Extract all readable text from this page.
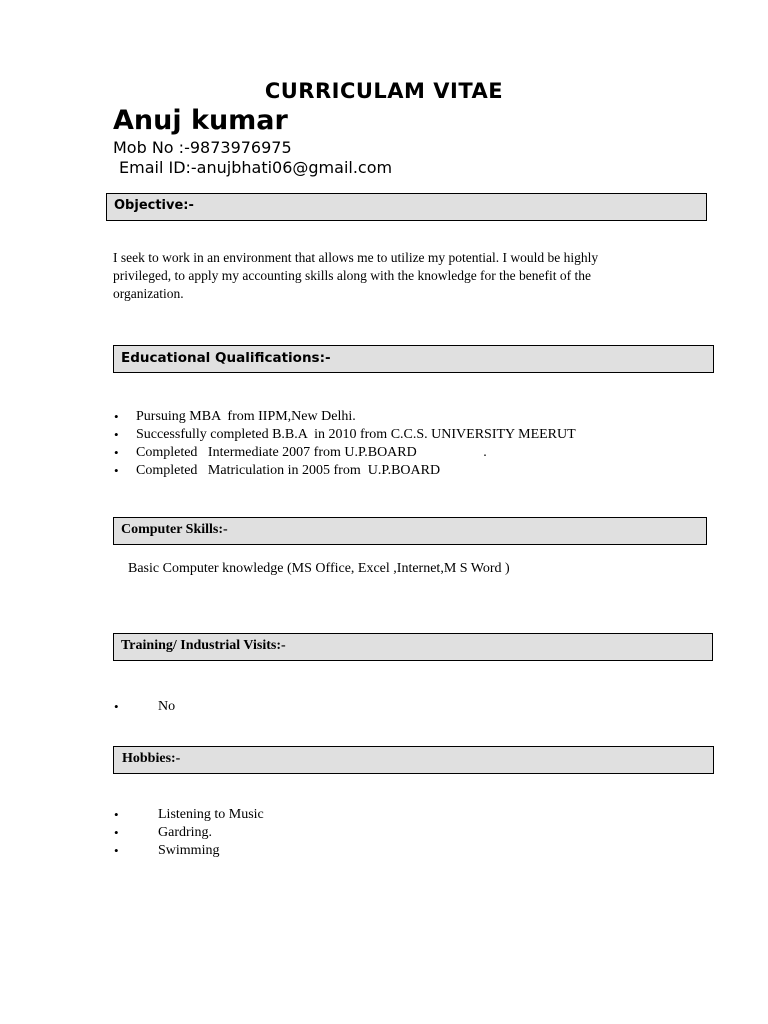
CURRICULAM VITAE
Anuj kumar
Mob No :-9873976975
Email ID:-anujbhati06@gmail.com
Objective:-
I seek to work in an environment that allows me to utilize my potential. I would be highly
privileged, to apply my accounting skills along with the knowledge for the benefit of the
organization.
Educational Qualifications:-
• Pursuing MBA  from IIPM,New Delhi.
• Successfully completed B.B.A  in 2010 from C.C.S. UNIVERSITY MEERUT
• Completed   Intermediate 2007 from U.P.BOARD                   .
• Completed   Matriculation in 2005 from  U.P.BOARD
Computer Skills:-
Basic Computer knowledge (MS Office, Excel ,Internet,M S Word )
Training/ Industrial Visits:-
•	No
Hobbies:-
•	Listening to Music
•	Gardring.
•	Swimming
